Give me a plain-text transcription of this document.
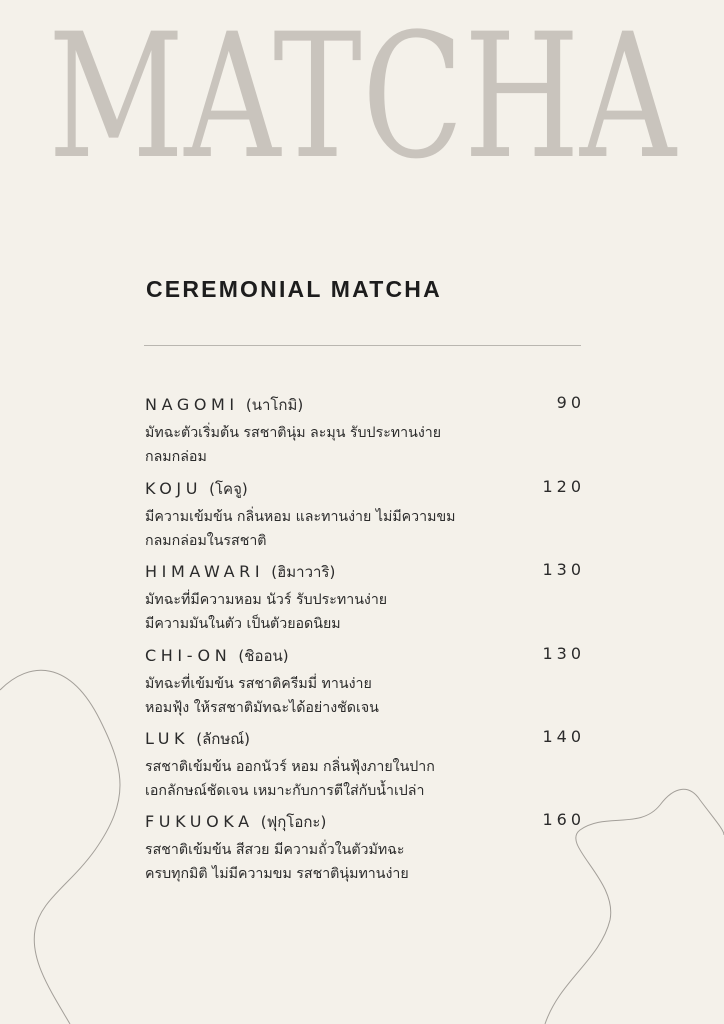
MATCHA
CEREMONIAL MATCHA
NAGOMI (นาโกมิ)	90
มัทฉะตัวเริ่มต้น รสชาตินุ่ม ละมุน รับประทานง่าย
กลมกล่อม
KOJU (โคจู)	120
มีความเข้มข้น กลิ่นหอม และทานง่าย ไม่มีความขม
กลมกล่อมในรสชาติ
HIMAWARI (ฮิมาวาริ)	130
มัทฉะที่มีความหอม นัวร์ รับประทานง่าย
มีความมันในตัว เป็นตัวยอดนิยม
CHI-ON (ชิออน)	130
มัทฉะที่เข้มข้น รสชาติครีมมี่ ทานง่าย
หอมฟุ้ง ให้รสชาติมัทฉะได้อย่างชัดเจน
LUK (ลักษณ์)	140
รสชาติเข้มข้น ออกนัวร์ หอม กลิ่นฟุ้งภายในปาก
เอกลักษณ์ชัดเจน เหมาะกับการตีใส่กับน้ำเปล่า
FUKUOKA (ฟุกุโอกะ)	160
รสชาติเข้มข้น สีสวย มีความถั่วในตัวมัทฉะ
ครบทุกมิติ ไม่มีความขม รสชาตินุ่มทานง่าย
